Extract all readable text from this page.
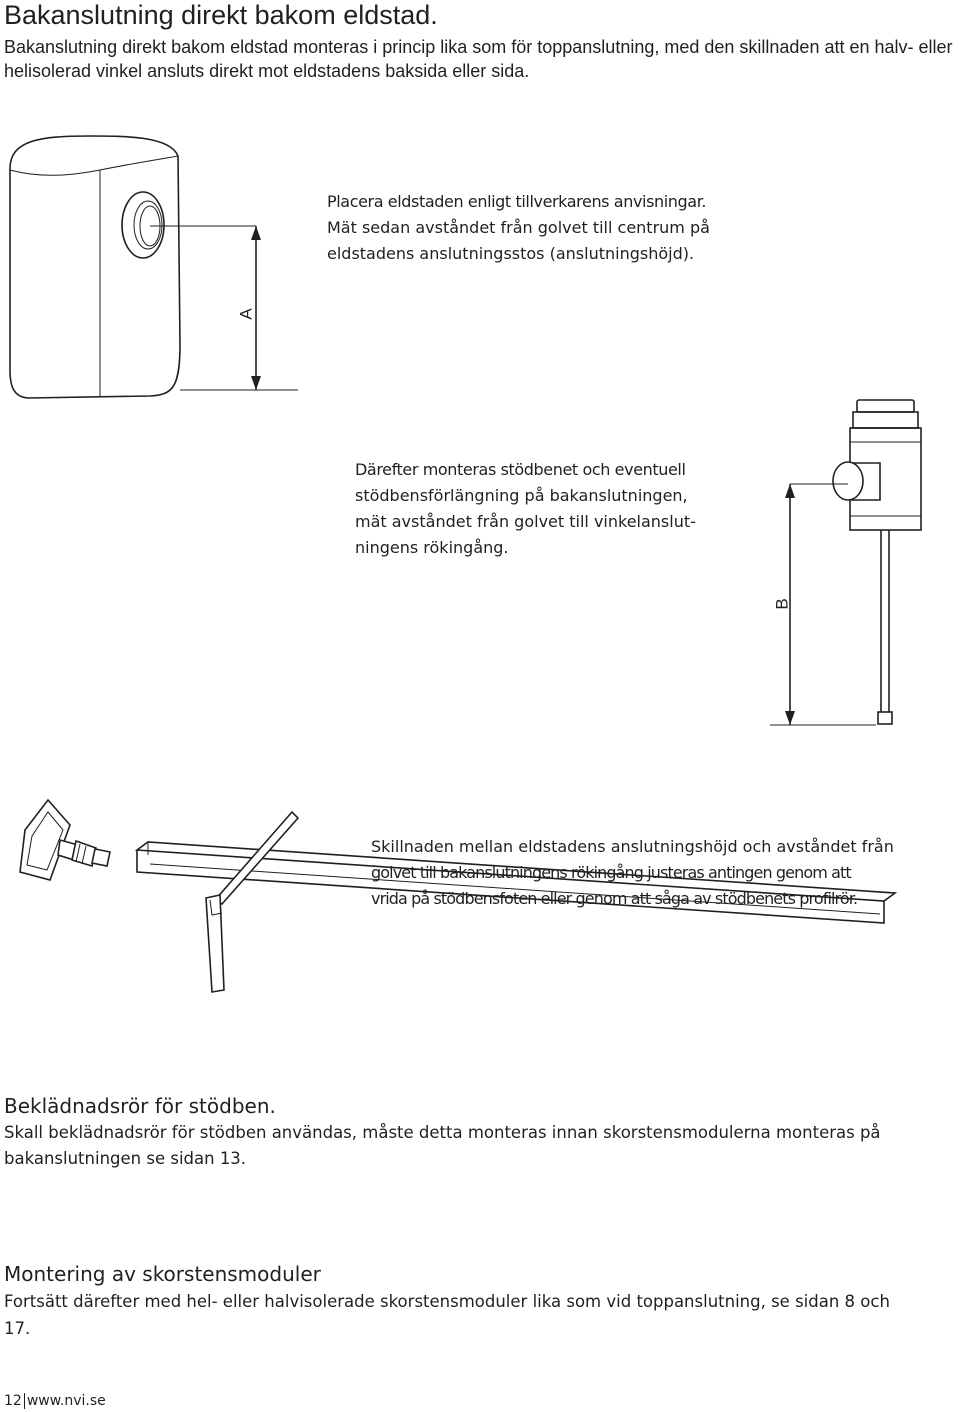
Bakanslutning direkt bakom eldstad.

Bakanslutning direkt bakom eldstad monteras i princip lika som för toppanslutning, med den skillnaden att en halv- eller helisolerad vinkel ansluts direkt mot eldstadens baksida eller sida.

A

Placera eldstaden enligt tillverkarens anvisningar.

Mät sedan avståndet från golvet till centrum på

eldstadens anslutningsstos (anslutningshöjd).

B

Därefter monteras stödbenet och eventuell

stödbensförlängning på bakanslutningen,

mät avståndet från golvet till vinkelanslut-

ningens rökingång.

Skillnaden mellan eldstadens anslutningshöjd och avståndet från

golvet till bakanslutningens rökingång justeras antingen genom att

vrida på stödbensfoten eller genom att såga av stödbenets profilrör.

Beklädnadsrör för stödben.

Skall beklädnadsrör för stödben användas, måste detta monteras innan skorstensmodulerna monteras på

bakanslutningen se sidan 13.

Montering av skorstensmoduler

Fortsätt därefter med hel- eller halvisolerade skorstensmoduler lika som vid toppanslutning, se sidan 8 och

17.

12 www.nvi.se
